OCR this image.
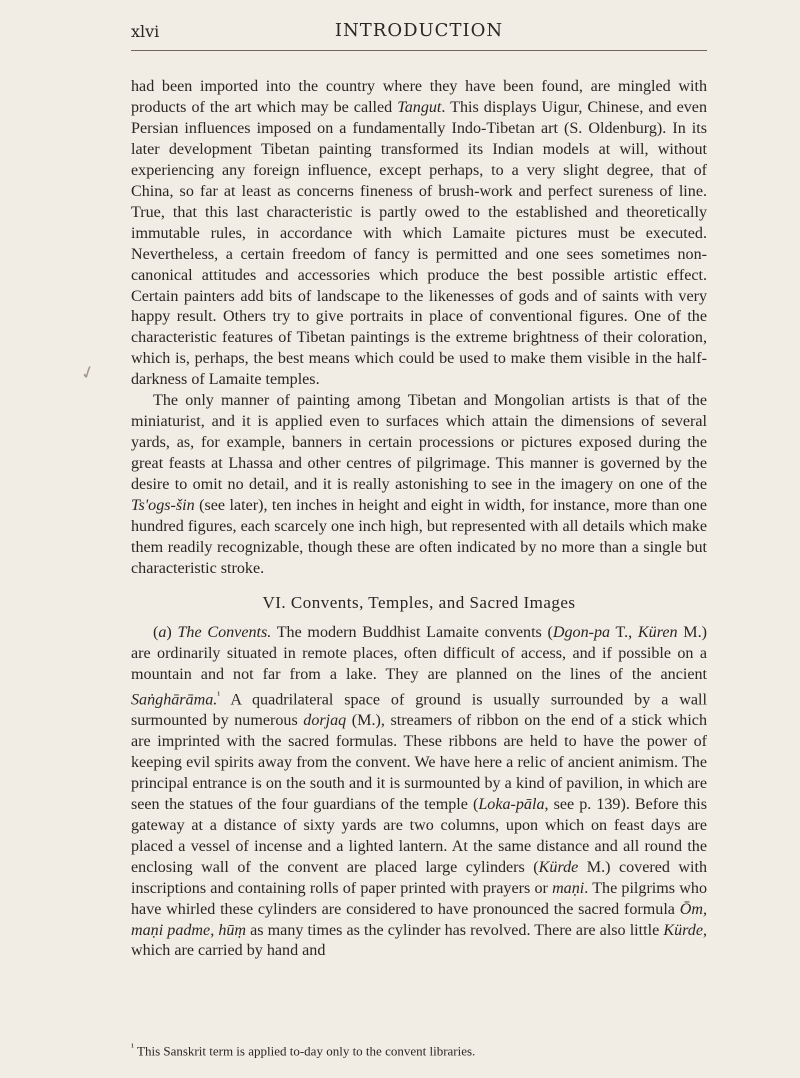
xlvi	INTRODUCTION
✓

had been imported into the country where they have been found, are mingled with products of the art which may be called Tangut. This displays Uigur, Chinese, and even Persian influences imposed on a fundamentally Indo-Tibetan art (S. Oldenburg). In its later development Tibetan painting transformed its Indian models at will, without experiencing any foreign influence, except perhaps, to a very slight degree, that of China, so far at least as concerns fineness of brush-work and perfect sureness of line. True, that this last characteristic is partly owed to the established and theoretically immutable rules, in accordance with which Lamaite pictures must be executed. Nevertheless, a certain freedom of fancy is permitted and one sees sometimes non-canonical attitudes and accessories which produce the best possible artistic effect. Certain painters add bits of landscape to the likenesses of gods and of saints with very happy result. Others try to give portraits in place of conventional figures. One of the characteristic features of Tibetan paintings is the extreme brightness of their coloration, which is, perhaps, the best means which could be used to make them visible in the half-darkness of Lamaite temples.

The only manner of painting among Tibetan and Mongolian artists is that of the miniaturist, and it is applied even to surfaces which attain the dimensions of several yards, as, for example, banners in certain processions or pictures exposed during the great feasts at Lhassa and other centres of pilgrimage. This manner is governed by the desire to omit no detail, and it is really astonishing to see in the imagery on one of the Ts'ogs-šin (see later), ten inches in height and eight in width, for instance, more than one hundred figures, each scarcely one inch high, but represented with all details which make them readily recognizable, though these are often indicated by no more than a single but characteristic stroke.

VI. Convents, Temples, and Sacred Images

(a) The Convents. The modern Buddhist Lamaite convents (Dgon-pa T., Küren M.) are ordinarily situated in remote places, often difficult of access, and if possible on a mountain and not far from a lake. They are planned on the lines of the ancient Saṅghārāma.$^{^1}$ A quadrilateral space of ground is usually surrounded by a wall surmounted by numerous dorjaq (M.), streamers of ribbon on the end of a stick which are imprinted with the sacred formulas. These ribbons are held to have the power of keeping evil spirits away from the convent. We have here a relic of ancient animism. The principal entrance is on the south and it is surmounted by a kind of pavilion, in which are seen the statues of the four guardians of the temple (Loka-pāla, see p. 139). Before this gateway at a distance of sixty yards are two columns, upon which on feast days are placed a vessel of incense and a lighted lantern. At the same distance and all round the enclosing wall of the convent are placed large cylinders (Kürde M.) covered with inscriptions and containing rolls of paper printed with prayers or maṇi. The pilgrims who have whirled these cylinders are considered to have pronounced the sacred formula Ōm, maṇi padme, hūṃ as many times as the cylinder has revolved. There are also little Kürde, which are carried by hand and

$^{^1}$ This Sanskrit term is applied to-day only to the convent libraries.
